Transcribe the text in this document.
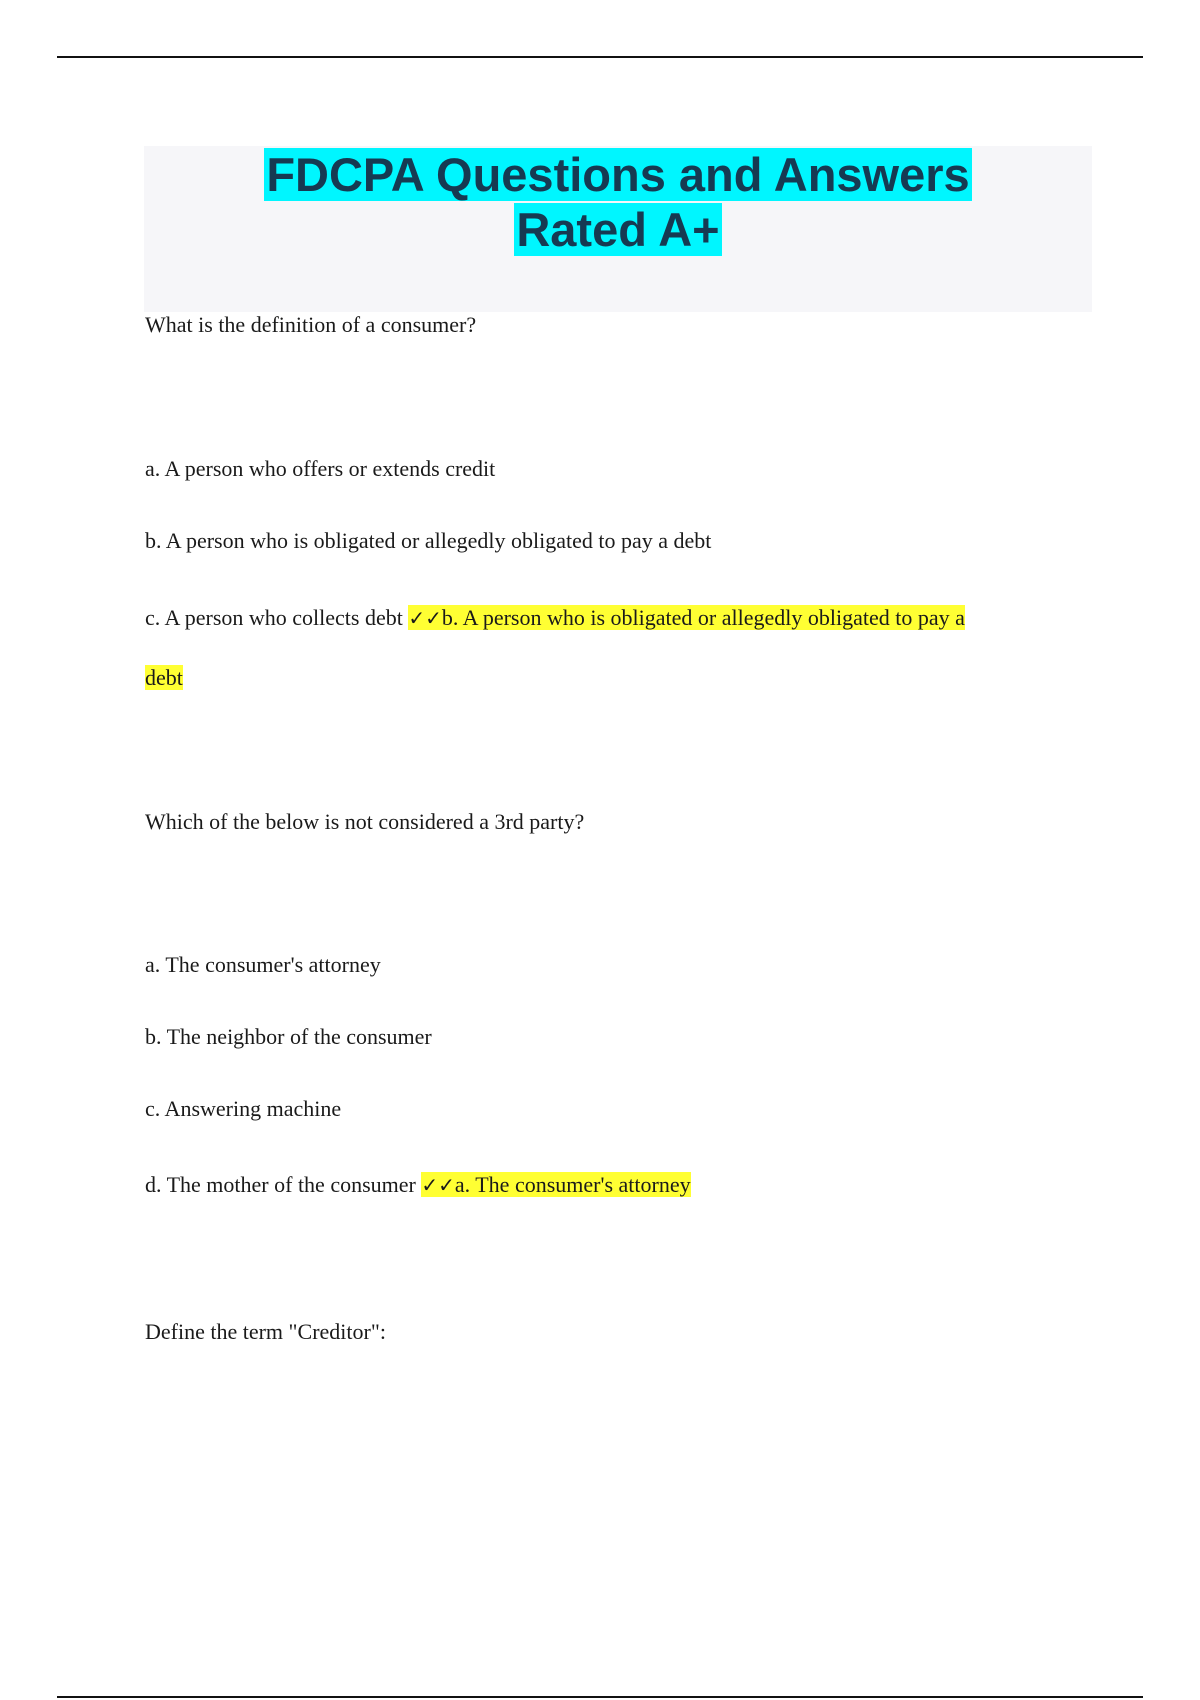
FDCPA Questions and Answers
Rated A+

What is the definition of a consumer?

a. A person who offers or extends credit

b. A person who is obligated or allegedly obligated to pay a debt

c. A person who collects debt ✓✓b. A person who is obligated or allegedly obligated to pay a

debt

Which of the below is not considered a 3rd party?

a. The consumer's attorney

b. The neighbor of the consumer

c. Answering machine

d. The mother of the consumer ✓✓a. The consumer's attorney

Define the term "Creditor":
